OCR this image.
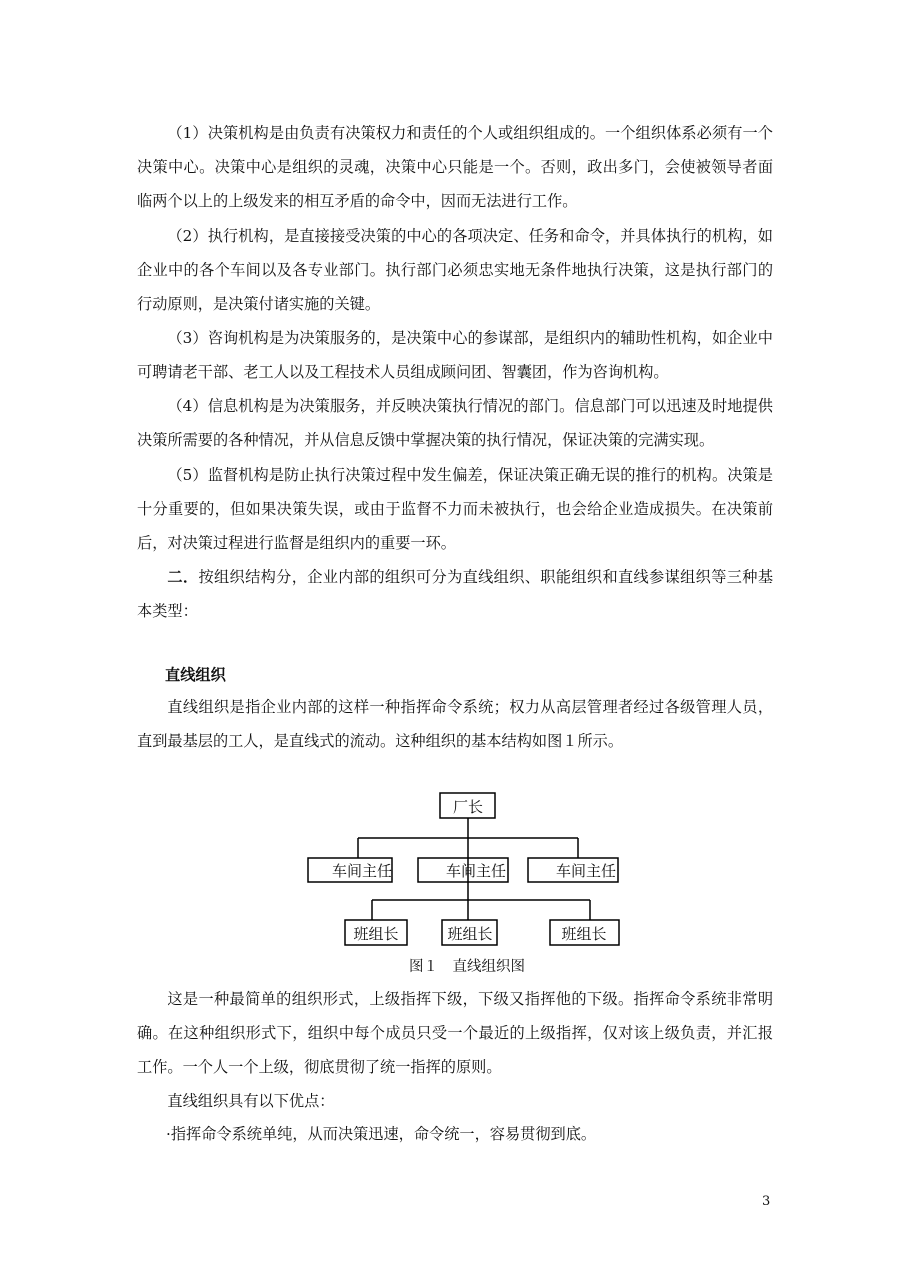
（1）决策机构是由负责有决策权力和责任的个人或组织组成的。一个组织体系必须有一个决策中心。决策中心是组织的灵魂，决策中心只能是一个。否则，政出多门，会使被领导者面临两个以上的上级发来的相互矛盾的命令中，因而无法进行工作。

（2）执行机构，是直接接受决策的中心的各项决定、任务和命令，并具体执行的机构，如企业中的各个车间以及各专业部门。执行部门必须忠实地无条件地执行决策，这是执行部门的行动原则，是决策付诸实施的关键。

（3）咨询机构是为决策服务的，是决策中心的参谋部，是组织内的辅助性机构，如企业中可聘请老干部、老工人以及工程技术人员组成顾问团、智囊团，作为咨询机构。

（4）信息机构是为决策服务，并反映决策执行情况的部门。信息部门可以迅速及时地提供决策所需要的各种情况，并从信息反馈中掌握决策的执行情况，保证决策的完满实现。

（5）监督机构是防止执行决策过程中发生偏差，保证决策正确无误的推行的机构。决策是十分重要的，但如果决策失误，或由于监督不力而未被执行，也会给企业造成损失。在决策前后，对决策过程进行监督是组织内的重要一环。

二．按组织结构分，企业内部的组织可分为直线组织、职能组织和直线参谋组织等三种基本类型：

直线组织

直线组织是指企业内部的这样一种指挥命令系统；权力从高层管理者经过各级管理人员，直到最基层的工人，是直线式的流动。这种组织的基本结构如图１所示。

厂长
车间主任	车间主任	车间主任
班组长	班组长	班组长

图１　直线组织图

这是一种最简单的组织形式，上级指挥下级，下级又指挥他的下级。指挥命令系统非常明确。在这种组织形式下，组织中每个成员只受一个最近的上级指挥，仅对该上级负责，并汇报工作。一个人一个上级，彻底贯彻了统一指挥的原则。

直线组织具有以下优点：

·指挥命令系统单纯，从而决策迅速，命令统一，容易贯彻到底。

3
